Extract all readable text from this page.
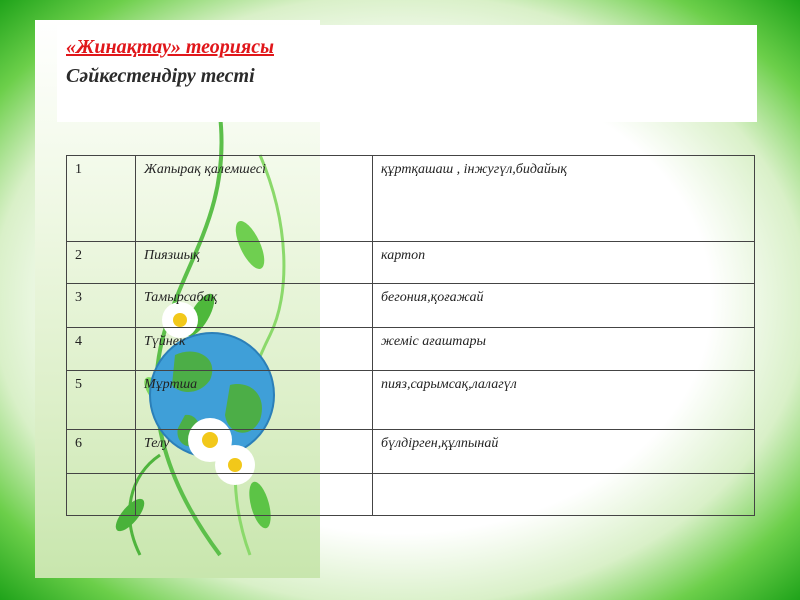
«Жинақтау» теориясы
Сәйкестендіру тесті
1	Жапырақ қалемшесі	құртқашаш , інжугүл,бидайық
2	Пиязшық	картоп
3	Тамырсабақ	бегония,қоғажай
4	Түйнек	жеміс ағаштары
5	Мұртша	пияз,сарымсақ,лалагүл
6	Телу	бүлдірген,құлпынай
